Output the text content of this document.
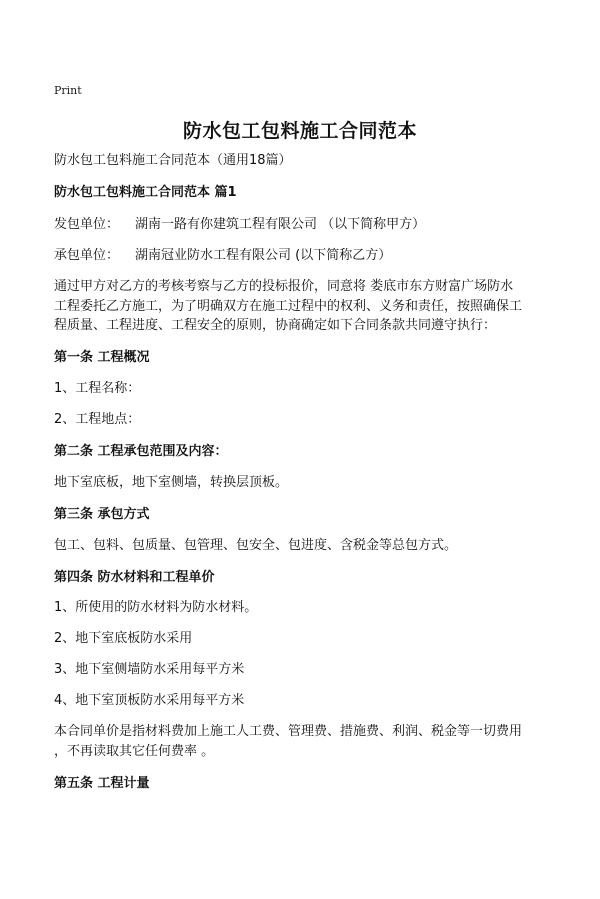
Print
防水包工包料施工合同范本
防水包工包料施工合同范本（通用18篇）
防水包工包料施工合同范本 篇1
发包单位： 湖南一路有你建筑工程有限公司 （以下简称甲方）
承包单位： 湖南冠业防水工程有限公司 (以下简称乙方）
通过甲方对乙方的考核考察与乙方的投标报价，同意将 娄底市东方财富广场防水
工程委托乙方施工，为了明确双方在施工过程中的权利、义务和责任，按照确保工
程质量、工程进度、工程安全的原则，协商确定如下合同条款共同遵守执行：
第一条 工程概况
1、工程名称：
2、工程地点：
第二条 工程承包范围及内容：
地下室底板，地下室侧墙，转换层顶板。
第三条 承包方式
包工、包料、包质量、包管理、包安全、包进度、含税金等总包方式。
第四条 防水材料和工程单价
1、所使用的防水材料为防水材料。
2、地下室底板防水采用
3、地下室侧墙防水采用每平方米
4、地下室顶板防水采用每平方米
本合同单价是指材料费加上施工人工费、管理费、措施费、利润、税金等一切费用
，不再读取其它任何费率 。
第五条 工程计量
